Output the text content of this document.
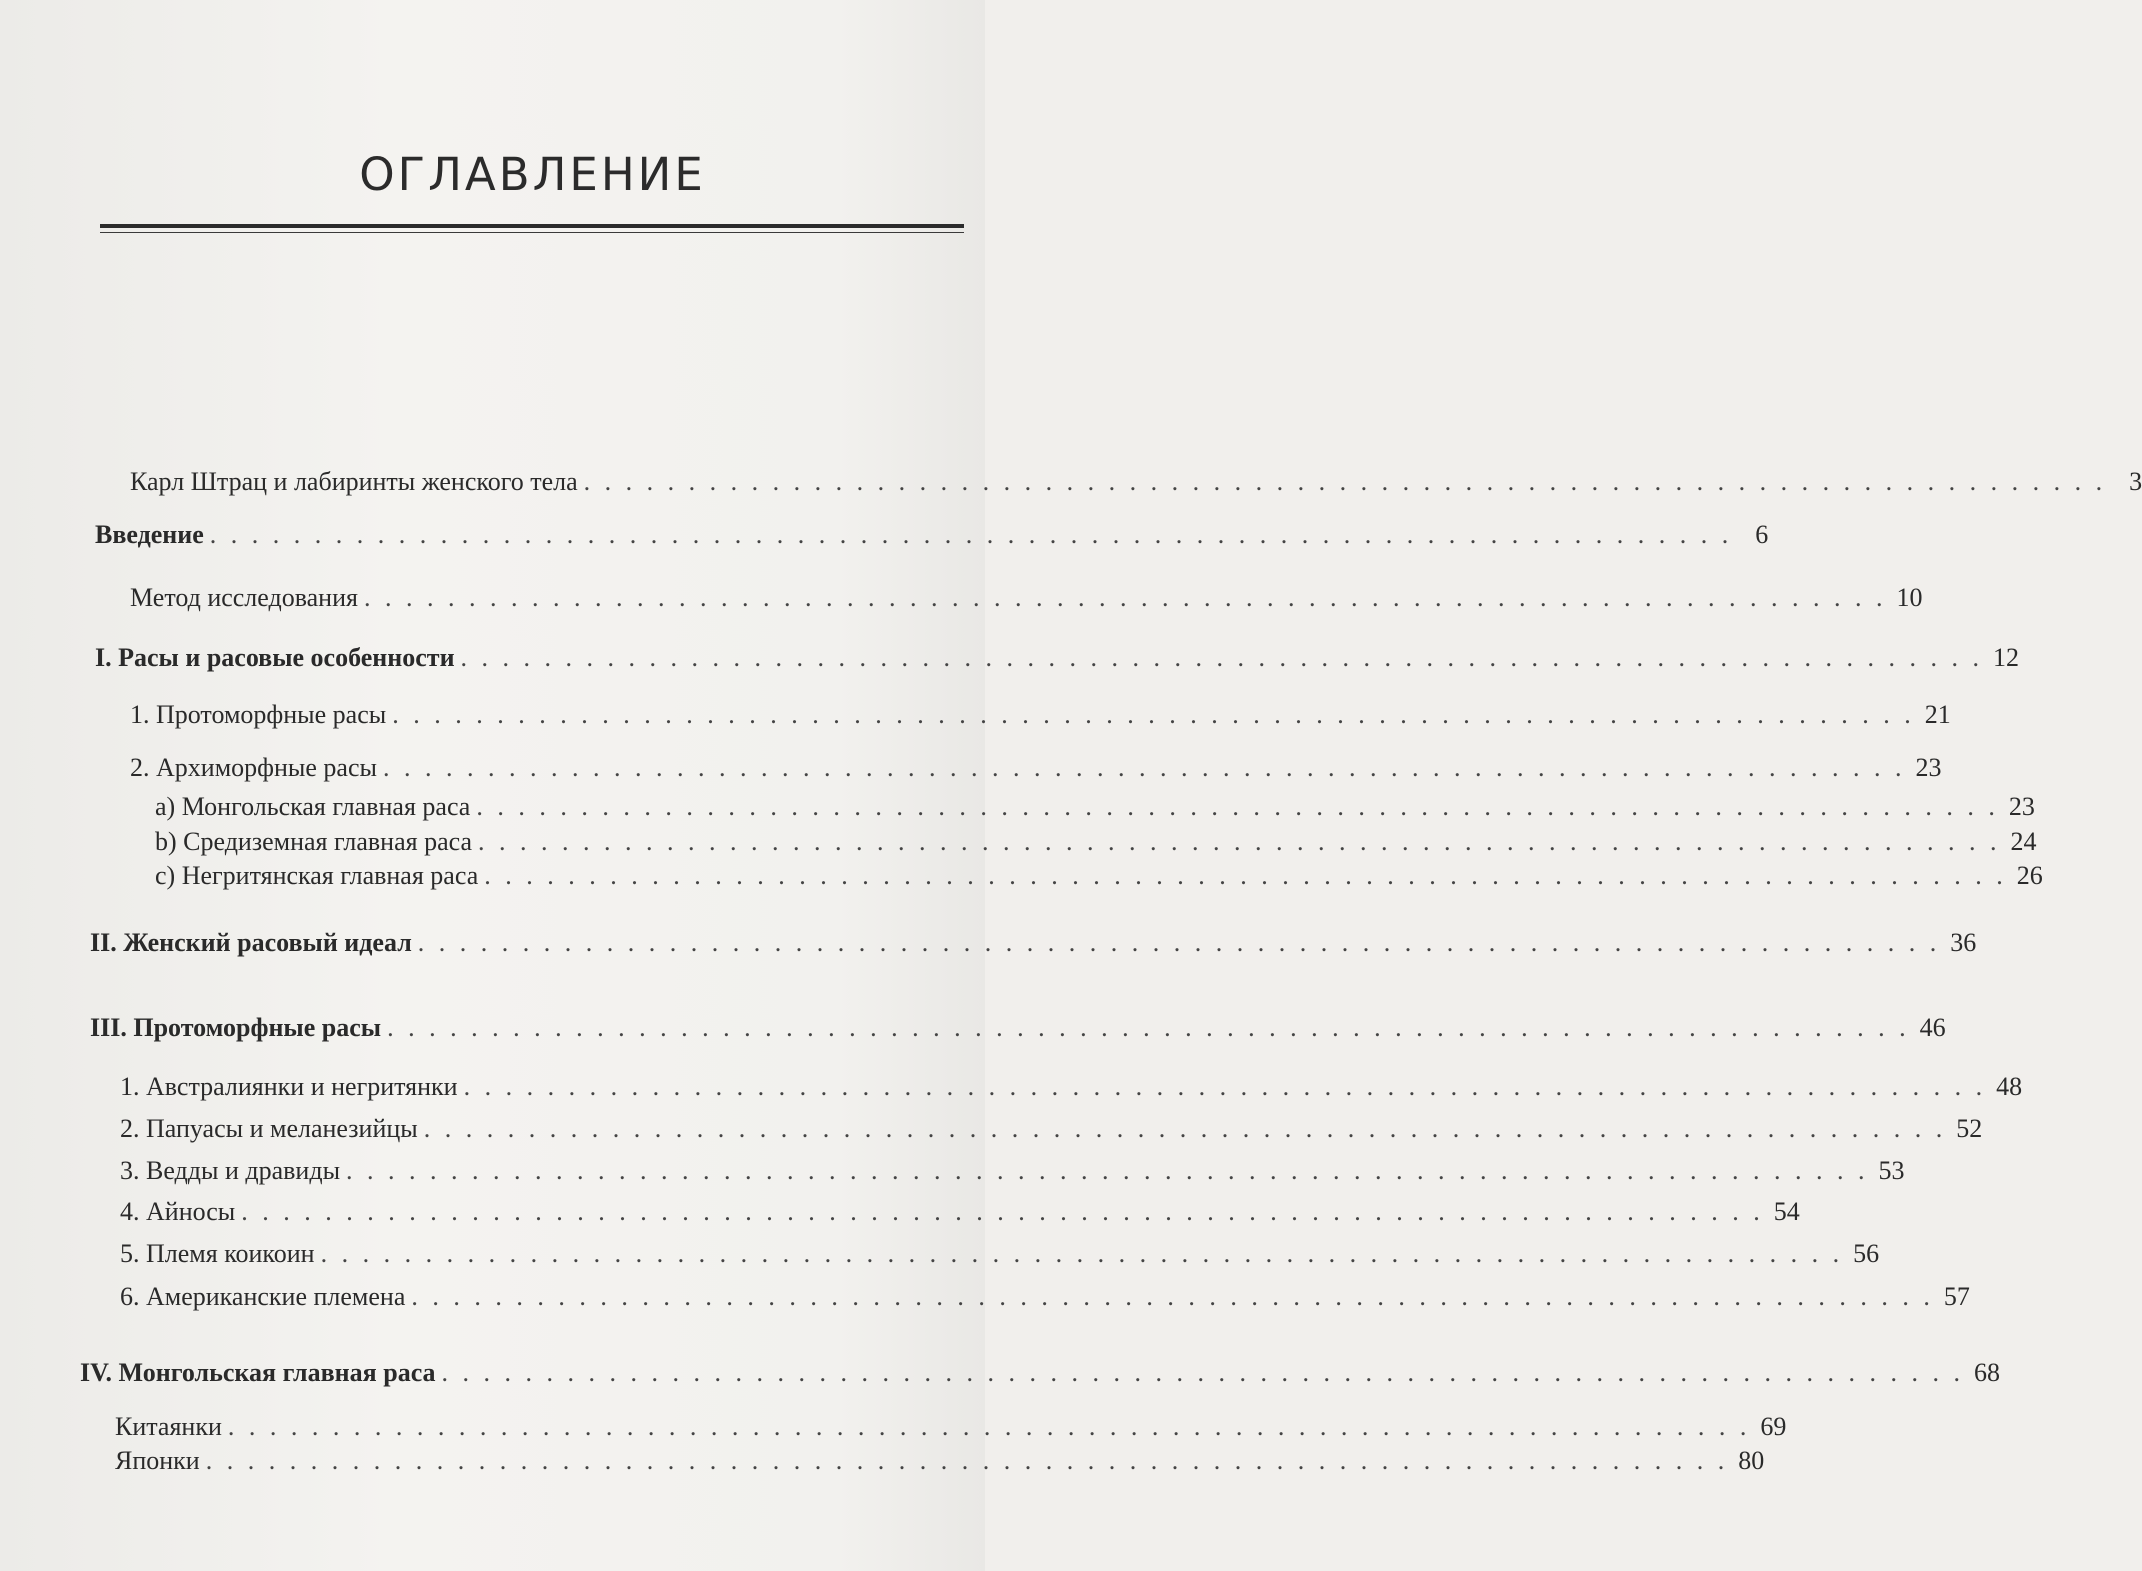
ОГЛАВЛЕНИЕ
Карл Штрац и лабиринты женского тела . . . . . . . . . . . . . . . . . . . . . . . . . . . . . . . . . . . . . . . . . . . . . . . . . . . . . . . . . . . . . . . . . . . . . . . . . 3
Введение . . . . . . . . . . . . . . . . . . . . . . . . . . . . . . . . . . . . . . . . . . . . . . . . . . . . . . . . . . . . . . . . . . . . . . . . . 6
Метод исследования . . . . . . . . . . . . . . . . . . . . . . . . . . . . . . . . . . . . . . . . . . . . . . . . . . . . . . . . . . . . . . . . . . . . . . . . . 10
I. Расы и расовые особенности . . . . . . . . . . . . . . . . . . . . . . . . . . . . . . . . . . . . . . . . . . . . . . . . . . . . . . . . . . . . . . . . . . . . . . . . . 12
1. Протоморфные расы . . . . . . . . . . . . . . . . . . . . . . . . . . . . . . . . . . . . . . . . . . . . . . . . . . . . . . . . . . . . . . . . . . . . . . . . . 21
2. Архиморфные расы . . . . . . . . . . . . . . . . . . . . . . . . . . . . . . . . . . . . . . . . . . . . . . . . . . . . . . . . . . . . . . . . . . . . . . . . . 23
a) Монгольская главная раса . . . . . . . . . . . . . . . . . . . . . . . . . . . . . . . . . . . . . . . . . . . . . . . . . . . . . . . . . . . . . . . . . . . . . . . . . 23
b) Средиземная главная раса . . . . . . . . . . . . . . . . . . . . . . . . . . . . . . . . . . . . . . . . . . . . . . . . . . . . . . . . . . . . . . . . . . . . . . . . . 24
c) Негритянская главная раса . . . . . . . . . . . . . . . . . . . . . . . . . . . . . . . . . . . . . . . . . . . . . . . . . . . . . . . . . . . . . . . . . . . . . . . . . 26
II. Женский расовый идеал . . . . . . . . . . . . . . . . . . . . . . . . . . . . . . . . . . . . . . . . . . . . . . . . . . . . . . . . . . . . . . . . . . . . . . . . . 36
III. Протоморфные расы . . . . . . . . . . . . . . . . . . . . . . . . . . . . . . . . . . . . . . . . . . . . . . . . . . . . . . . . . . . . . . . . . . . . . . . . . 46
1. Австралиянки и негритянки . . . . . . . . . . . . . . . . . . . . . . . . . . . . . . . . . . . . . . . . . . . . . . . . . . . . . . . . . . . . . . . . . . . . . . . . . 48
2. Папуасы и меланезийцы . . . . . . . . . . . . . . . . . . . . . . . . . . . . . . . . . . . . . . . . . . . . . . . . . . . . . . . . . . . . . . . . . . . . . . . . . 52
3. Ведды и дравиды . . . . . . . . . . . . . . . . . . . . . . . . . . . . . . . . . . . . . . . . . . . . . . . . . . . . . . . . . . . . . . . . . . . . . . . . . 53
4. Айносы . . . . . . . . . . . . . . . . . . . . . . . . . . . . . . . . . . . . . . . . . . . . . . . . . . . . . . . . . . . . . . . . . . . . . . . . . 54
5. Племя коикоин . . . . . . . . . . . . . . . . . . . . . . . . . . . . . . . . . . . . . . . . . . . . . . . . . . . . . . . . . . . . . . . . . . . . . . . . . 56
6. Американские племена . . . . . . . . . . . . . . . . . . . . . . . . . . . . . . . . . . . . . . . . . . . . . . . . . . . . . . . . . . . . . . . . . . . . . . . . . 57
IV. Монгольская главная раса . . . . . . . . . . . . . . . . . . . . . . . . . . . . . . . . . . . . . . . . . . . . . . . . . . . . . . . . . . . . . . . . . . . . . . . . . 68
Китаянки . . . . . . . . . . . . . . . . . . . . . . . . . . . . . . . . . . . . . . . . . . . . . . . . . . . . . . . . . . . . . . . . . . . . . . . . . 69
Японки . . . . . . . . . . . . . . . . . . . . . . . . . . . . . . . . . . . . . . . . . . . . . . . . . . . . . . . . . . . . . . . . . . . . . . . . . 80
